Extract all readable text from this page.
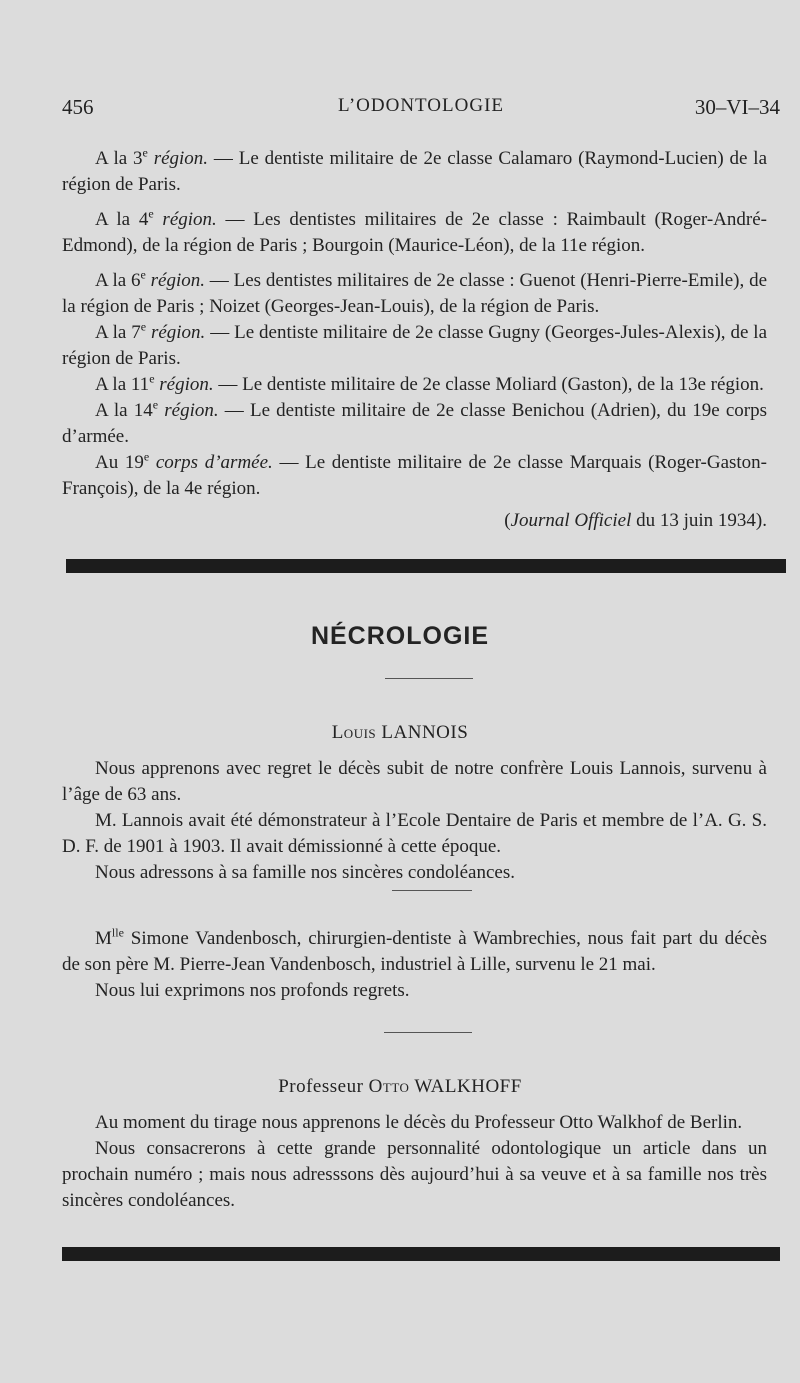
456	L’ODONTOLOGIE	30–VI–34

A la 3e région. — Le dentiste militaire de 2e classe Calamaro (Raymond-Lucien) de la région de Paris.

A la 4e région. — Les dentistes militaires de 2e classe : Raimbault (Roger-André-Edmond), de la région de Paris ; Bourgoin (Maurice-Léon), de la 11e région.

A la 6e région. — Les dentistes militaires de 2e classe : Guenot (Henri-Pierre-Emile), de la région de Paris ; Noizet (Georges-Jean-Louis), de la région de Paris.

A la 7e région. — Le dentiste militaire de 2e classe Gugny (Georges-Jules-Alexis), de la région de Paris.

A la 11e région. — Le dentiste militaire de 2e classe Moliard (Gaston), de la 13e région.

A la 14e région. — Le dentiste militaire de 2e classe Benichou (Adrien), du 19e corps d’armée.

Au 19e corps d’armée. — Le dentiste militaire de 2e classe Marquais (Roger-Gaston-François), de la 4e région.

(Journal Officiel du 13 juin 1934).
NÉCROLOGIE
Louis LANNOIS

Nous apprenons avec regret le décès subit de notre confrère Louis Lannois, survenu à l’âge de 63 ans.

M. Lannois avait été démonstrateur à l’Ecole Dentaire de Paris et membre de l’A. G. S. D. F. de 1901 à 1903. Il avait démissionné à cette époque.

Nous adressons à sa famille nos sincères condoléances.

$M^{lle}$ Simone Vandenbosch, chirurgien-dentiste à Wambrechies, nous fait part du décès de son père M. Pierre-Jean Vandenbosch, industriel à Lille, survenu le 21 mai.

Nous lui exprimons nos profonds regrets.

Professeur Otto WALKHOFF

Au moment du tirage nous apprenons le décès du Professeur Otto Walkhof de Berlin.

Nous consacrerons à cette grande personnalité odontologique un article dans un prochain numéro ; mais nous adresssons dès aujourd’hui à sa veuve et à sa famille nos très sincères condoléances.
